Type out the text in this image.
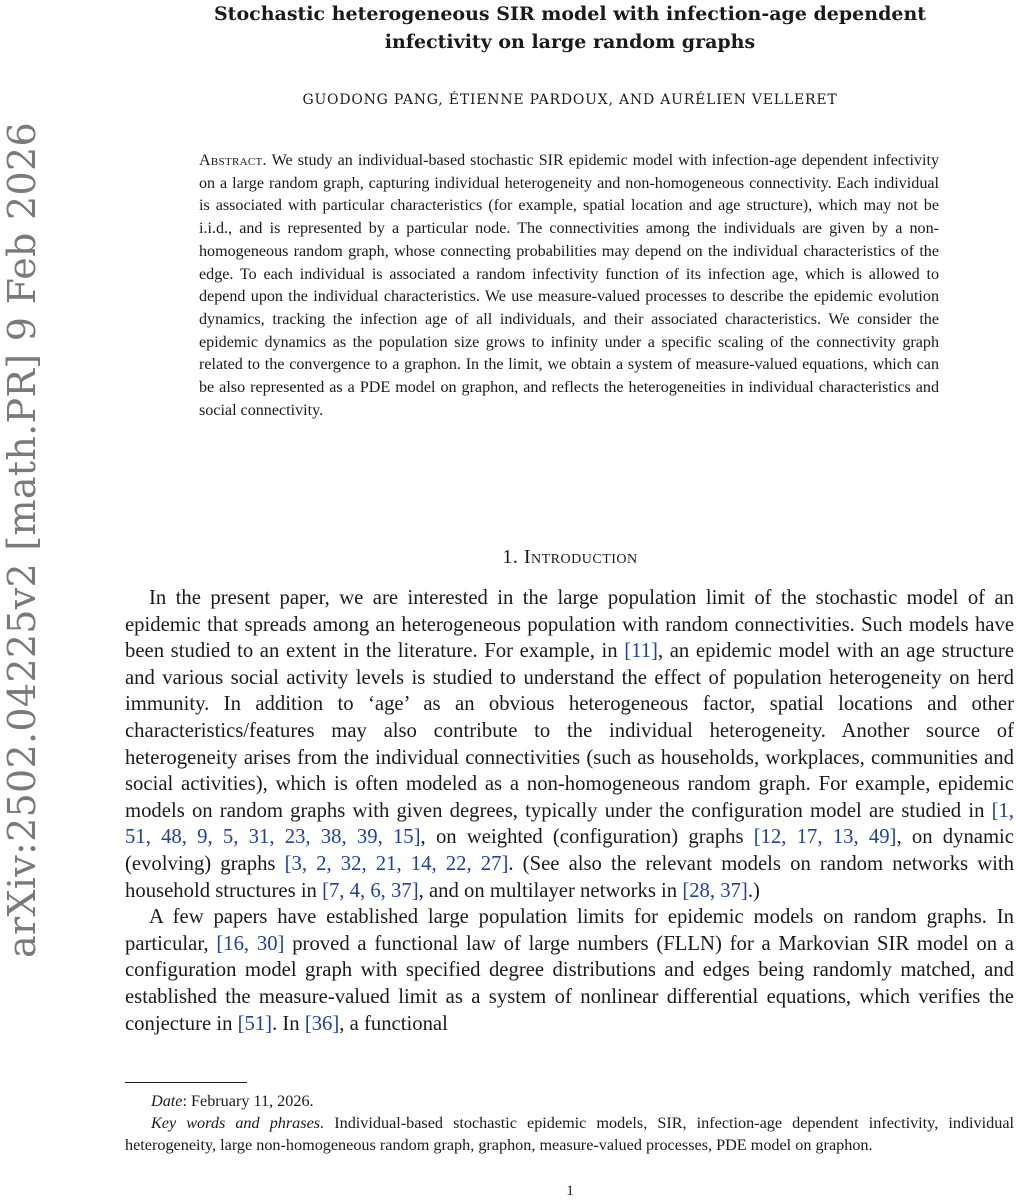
arXiv:2502.04225v2 [math.PR] 9 Feb 2026
Stochastic heterogeneous SIR model with infection-age dependent
infectivity on large random graphs
GUODONG PANG, ÉTIENNE PARDOUX, AND AURÉLIEN VELLERET
Abstract. We study an individual-based stochastic SIR epidemic model with infection-age dependent infectivity on a large random graph, capturing individual heterogeneity and non-homogeneous connectivity. Each individual is associated with particular characteristics (for example, spatial location and age structure), which may not be i.i.d., and is represented by a particular node. The connectivities among the individuals are given by a non-homogeneous random graph, whose connecting probabilities may depend on the individual characteristics of the edge. To each individual is associated a random infectivity function of its infection age, which is allowed to depend upon the individual characteristics. We use measure-valued processes to describe the epidemic evolution dynamics, tracking the infection age of all individuals, and their associated characteristics. We consider the epidemic dynamics as the population size grows to infinity under a specific scaling of the connectivity graph related to the convergence to a graphon. In the limit, we obtain a system of measure-valued equations, which can be also represented as a PDE model on graphon, and reflects the heterogeneities in individual characteristics and social connectivity.
1. Introduction

In the present paper, we are interested in the large population limit of the stochastic model of an epidemic that spreads among an heterogeneous population with random connectivities. Such models have been studied to an extent in the literature. For example, in [11], an epidemic model with an age structure and various social activity levels is studied to understand the effect of population heterogeneity on herd immunity. In addition to ‘age’ as an obvious heterogeneous factor, spatial locations and other characteristics/features may also contribute to the individual heterogeneity. Another source of heterogeneity arises from the individual connectivities (such as households, workplaces, communities and social activities), which is often modeled as a non-homogeneous random graph. For example, epidemic models on random graphs with given degrees, typically under the configuration model are studied in [1, 51, 48, 9, 5, 31, 23, 38, 39, 15], on weighted (configuration) graphs [12, 17, 13, 49], on dynamic (evolving) graphs [3, 2, 32, 21, 14, 22, 27]. (See also the relevant models on random networks with household structures in [7, 4, 6, 37], and on multilayer networks in [28, 37].)

A few papers have established large population limits for epidemic models on random graphs. In particular, [16, 30] proved a functional law of large numbers (FLLN) for a Markovian SIR model on a configuration model graph with specified degree distributions and edges being randomly matched, and established the measure-valued limit as a system of nonlinear differential equations, which verifies the conjecture in [51]. In [36], a functional

Date: February 11, 2026.

Key words and phrases. Individual-based stochastic epidemic models, SIR, infection-age dependent infectivity, individual heterogeneity, large non-homogeneous random graph, graphon, measure-valued processes, PDE model on graphon.

1
